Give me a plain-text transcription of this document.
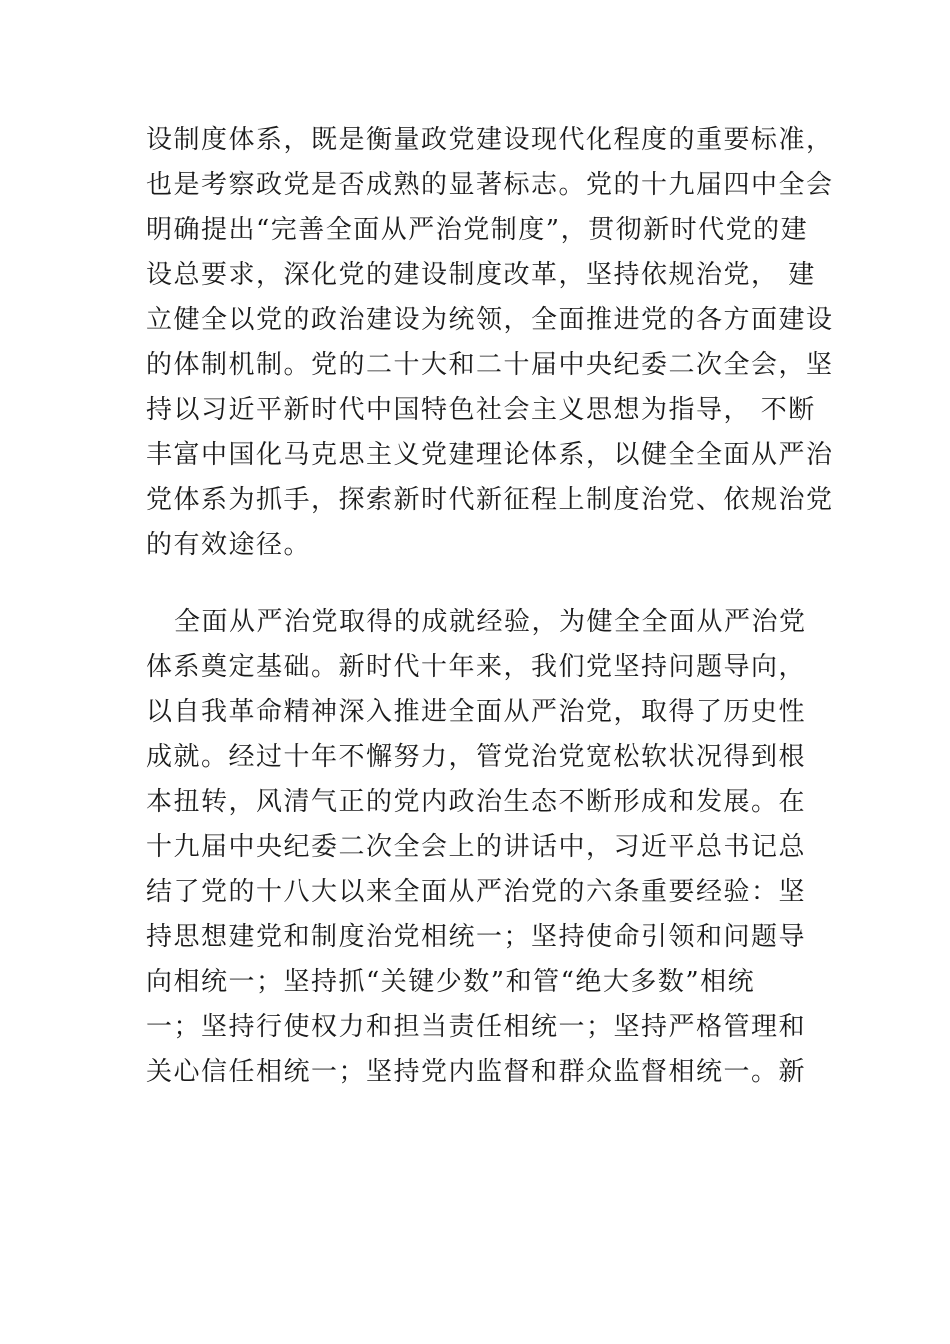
设制度体系，既是衡量政党建设现代化程度的重要标准，
也是考察政党是否成熟的显著标志。党的十九届四中全会
明确提出“完善全面从严治党制度”，贯彻新时代党的建
设总要求，深化党的建设制度改革，坚持依规治党， 建
立健全以党的政治建设为统领，全面推进党的各方面建设
的体制机制。党的二十大和二十届中央纪委二次全会，坚
持以习近平新时代中国特色社会主义思想为指导， 不断
丰富中国化马克思主义党建理论体系，以健全全面从严治
党体系为抓手，探索新时代新征程上制度治党、依规治党
的有效途径。
全面从严治党取得的成就经验，为健全全面从严治党
体系奠定基础。新时代十年来，我们党坚持问题导向，
以自我革命精神深入推进全面从严治党，取得了历史性
成就。经过十年不懈努力，管党治党宽松软状况得到根
本扭转，风清气正的党内政治生态不断形成和发展。在
十九届中央纪委二次全会上的讲话中，习近平总书记总
结了党的十八大以来全面从严治党的六条重要经验：坚
持思想建党和制度治党相统一；坚持使命引领和问题导
向相统一；坚持抓“关键少数”和管“绝大多数”相统
一；坚持行使权力和担当责任相统一；坚持严格管理和
关心信任相统一；坚持党内监督和群众监督相统一。新
